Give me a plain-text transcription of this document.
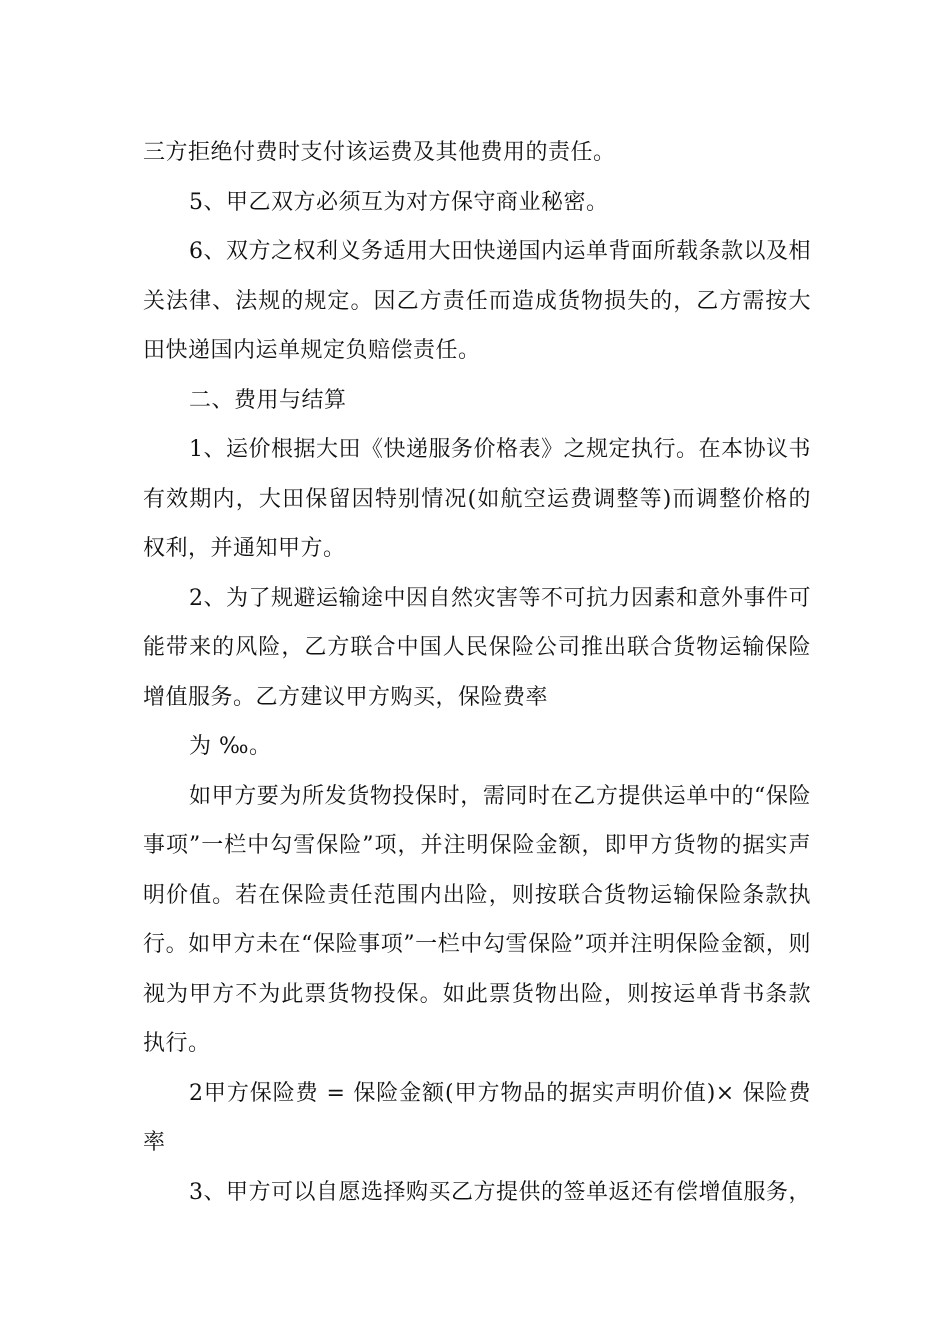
三方拒绝付费时支付该运费及其他费用的责任。

5、甲乙双方必须互为对方保守商业秘密。

6、双方之权利义务适用大田快递国内运单背面所载条款以及相关法律、法规的规定。因乙方责任而造成货物损失的，乙方需按大田快递国内运单规定负赔偿责任。

二、费用与结算

1、运价根据大田《快递服务价格表》之规定执行。在本协议书有效期内，大田保留因特别情况(如航空运费调整等)而调整价格的权利，并通知甲方。

2、为了规避运输途中因自然灾害等不可抗力因素和意外事件可能带来的风险，乙方联合中国人民保险公司推出联合货物运输保险增值服务。乙方建议甲方购买，保险费率

为 ‰。

如甲方要为所发货物投保时，需同时在乙方提供运单中的“保险事项”一栏中勾雪保险”项，并注明保险金额，即甲方货物的据实声明价值。若在保险责任范围内出险，则按联合货物运输保险条款执行。如甲方未在“保险事项”一栏中勾雪保险”项并注明保险金额，则视为甲方不为此票货物投保。如此票货物出险，则按运单背书条款执行。

2甲方保险费 = 保险金额(甲方物品的据实声明价值)× 保险费率

3、甲方可以自愿选择购买乙方提供的签单返还有偿增值服务，
